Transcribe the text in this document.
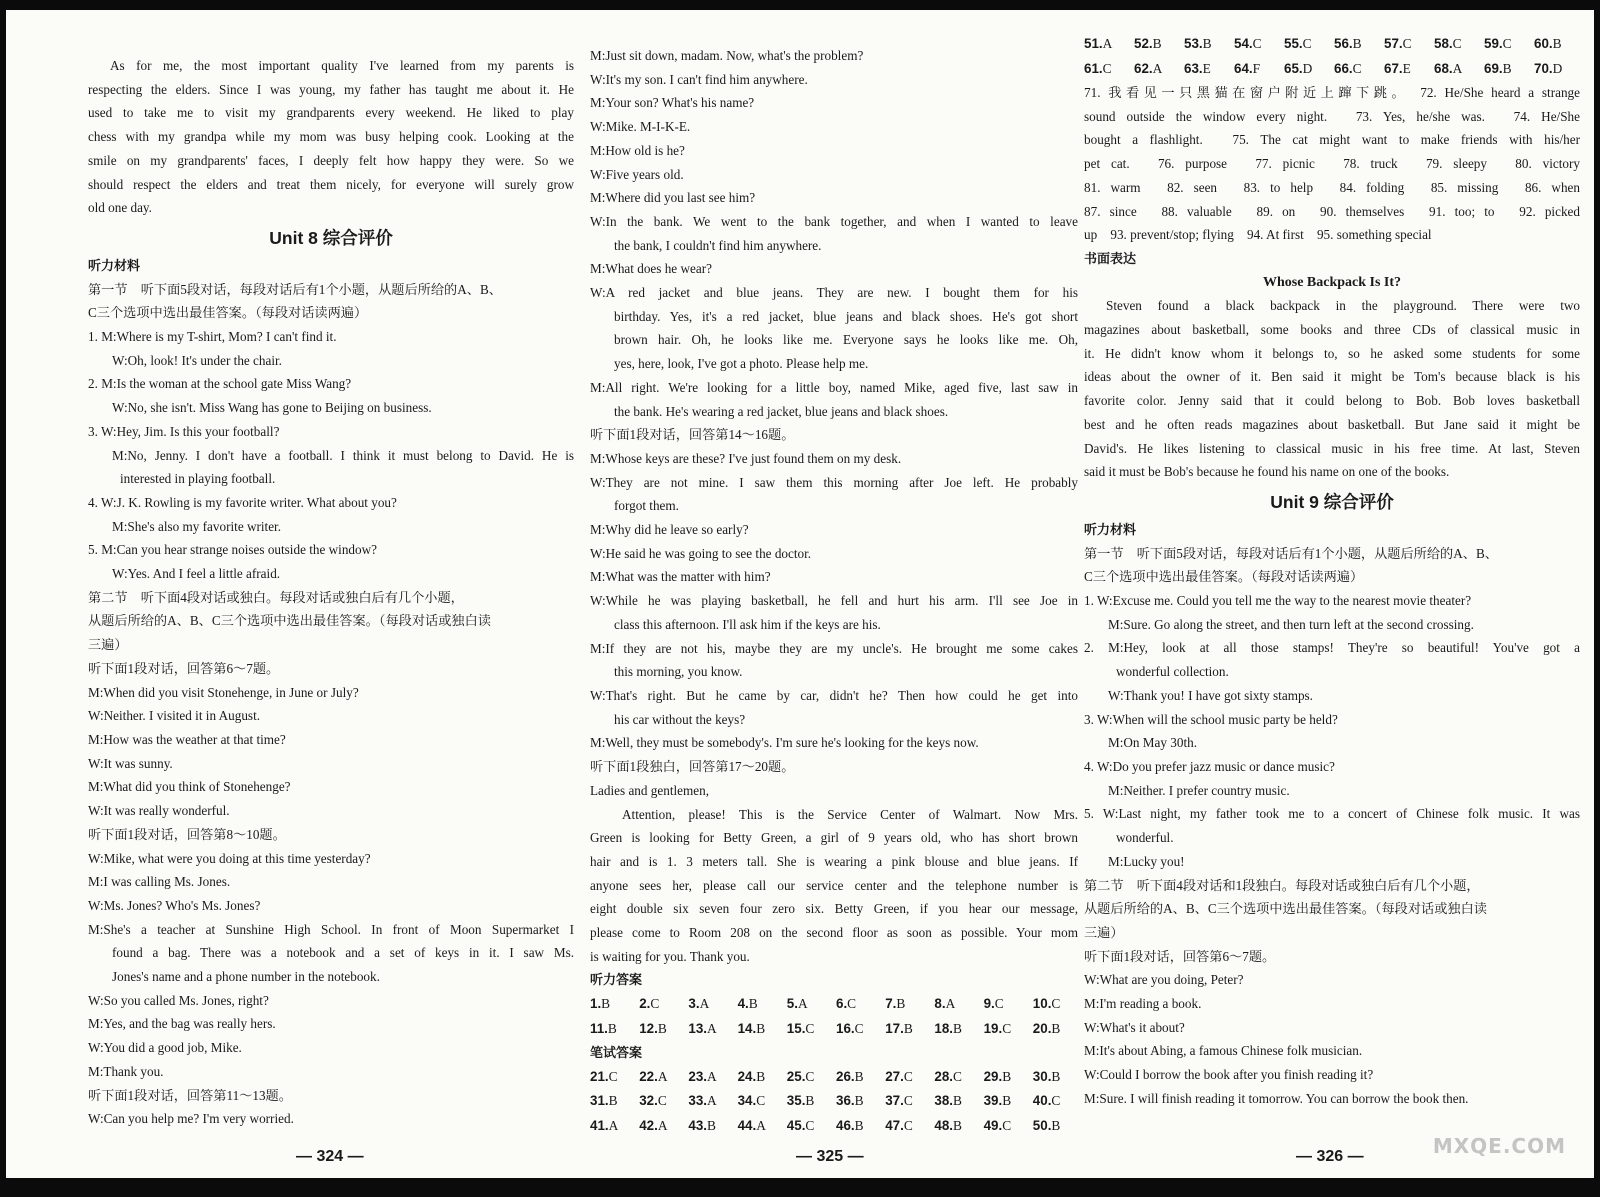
As for me, the most important quality I've learned from my parents is
respecting the elders. Since I was young, my father has taught me about it. He
used to take me to visit my grandparents every weekend. He liked to play
chess with my grandpa while my mom was busy helping cook. Looking at the
smile on my grandparents' faces, I deeply felt how happy they were. So we
should respect the elders and treat them nicely, for everyone will surely grow
old one day.
Unit 8 综合评价
听力材料
第一节　听下面5段对话，每段对话后有1个小题，从题后所给的A、B、
C三个选项中选出最佳答案。（每段对话读两遍）
1. M:Where is my T-shirt, Mom? I can't find it.
W:Oh, look! It's under the chair.
2. M:Is the woman at the school gate Miss Wang?
W:No, she isn't. Miss Wang has gone to Beijing on business.
3. W:Hey, Jim. Is this your football?
M:No, Jenny. I don't have a football. I think it must belong to David. He is
interested in playing football.
4. W:J. K. Rowling is my favorite writer. What about you?
M:She's also my favorite writer.
5. M:Can you hear strange noises outside the window?
W:Yes. And I feel a little afraid.
第二节　听下面4段对话或独白。每段对话或独白后有几个小题，
从题后所给的A、B、C三个选项中选出最佳答案。（每段对话或独白读
三遍）
听下面1段对话，回答第6～7题。
M:When did you visit Stonehenge, in June or July?
W:Neither. I visited it in August.
M:How was the weather at that time?
W:It was sunny.
M:What did you think of Stonehenge?
W:It was really wonderful.
听下面1段对话，回答第8～10题。
W:Mike, what were you doing at this time yesterday?
M:I was calling Ms. Jones.
W:Ms. Jones? Who's Ms. Jones?
M:She's a teacher at Sunshine High School. In front of Moon Supermarket I
found a bag. There was a notebook and a set of keys in it. I saw Ms.
Jones's name and a phone number in the notebook.
W:So you called Ms. Jones, right?
M:Yes, and the bag was really hers.
W:You did a good job, Mike.
M:Thank you.
听下面1段对话，回答第11～13题。
W:Can you help me? I'm very worried.
— 324 —
M:Just sit down, madam. Now, what's the problem?
W:It's my son. I can't find him anywhere.
M:Your son? What's his name?
W:Mike. M-I-K-E.
M:How old is he?
W:Five years old.
M:Where did you last see him?
W:In the bank. We went to the bank together, and when I wanted to leave
the bank, I couldn't find him anywhere.
M:What does he wear?
W:A red jacket and blue jeans. They are new. I bought them for his
birthday. Yes, it's a red jacket, blue jeans and black shoes. He's got short
brown hair. Oh, he looks like me. Everyone says he looks like me. Oh,
yes, here, look, I've got a photo. Please help me.
M:All right. We're looking for a little boy, named Mike, aged five, last saw in
the bank. He's wearing a red jacket, blue jeans and black shoes.
听下面1段对话，回答第14～16题。
M:Whose keys are these? I've just found them on my desk.
W:They are not mine. I saw them this morning after Joe left. He probably
forgot them.
M:Why did he leave so early?
W:He said he was going to see the doctor.
M:What was the matter with him?
W:While he was playing basketball, he fell and hurt his arm. I'll see Joe in
class this afternoon. I'll ask him if the keys are his.
M:If they are not his, maybe they are my uncle's. He brought me some cakes
this morning, you know.
W:That's right. But he came by car, didn't he? Then how could he get into
his car without the keys?
M:Well, they must be somebody's. I'm sure he's looking for the keys now.
听下面1段独白，回答第17～20题。
Ladies and gentlemen,
Attention, please! This is the Service Center of Walmart. Now Mrs.
Green is looking for Betty Green, a girl of 9 years old, who has short brown
hair and is 1. 3 meters tall. She is wearing a pink blouse and blue jeans. If
anyone sees her, please call our service center and the telephone number is
eight double six seven four zero six. Betty Green, if you hear our message,
please come to Room 208 on the second floor as soon as possible. Your mom
is waiting for you. Thank you.
听力答案
1.B	2.C	3.A	4.B	5.A	6.C	7.B	8.A	9.C	10.C
11.B	12.B	13.A	14.B	15.C	16.C	17.B	18.B	19.C	20.B
笔试答案
21.C	22.A	23.A	24.B	25.C	26.B	27.C	28.C	29.B	30.B
31.B	32.C	33.A	34.C	35.B	36.B	37.C	38.B	39.B	40.C
41.A	42.A	43.B	44.A	45.C	46.B	47.C	48.B	49.C	50.B
— 325 —
51.A	52.B	53.B	54.C	55.C	56.B	57.C	58.C	59.C	60.B
61.C	62.A	63.E	64.F	65.D	66.C	67.E	68.A	69.B	70.D
71. 我看见一只黑猫在窗户附近上蹿下跳。　72. He/She heard a strange
sound outside the window every night.　73. Yes, he/she was.　74. He/She
bought a flashlight.　75. The cat might want to make friends with his/her
pet cat.　76. purpose　77. picnic　78. truck　79. sleepy　80. victory
81. warm　82. seen　83. to help　84. folding　85. missing　86. when
87. since　88. valuable　89. on　90. themselves　91. too; to　92. picked
up　93. prevent/stop; flying　94. At first　95. something special
书面表达
Whose Backpack Is It?
Steven found a black backpack in the playground. There were two
magazines about basketball, some books and three CDs of classical music in
it. He didn't know whom it belongs to, so he asked some students for some
ideas about the owner of it. Ben said it might be Tom's because black is his
favorite color. Jenny said that it could belong to Bob. Bob loves basketball
best and he often reads magazines about basketball. But Jane said it might be
David's. He likes listening to classical music in his free time. At last, Steven
said it must be Bob's because he found his name on one of the books.
Unit 9 综合评价
听力材料
第一节　听下面5段对话，每段对话后有1个小题，从题后所给的A、B、
C三个选项中选出最佳答案。（每段对话读两遍）
1. W:Excuse me. Could you tell me the way to the nearest movie theater?
M:Sure. Go along the street, and then turn left at the second crossing.
2. M:Hey, look at all those stamps! They're so beautiful! You've got a
wonderful collection.
W:Thank you! I have got sixty stamps.
3. W:When will the school music party be held?
M:On May 30th.
4. W:Do you prefer jazz music or dance music?
M:Neither. I prefer country music.
5. W:Last night, my father took me to a concert of Chinese folk music. It was
wonderful.
M:Lucky you!
第二节　听下面4段对话和1段独白。每段对话或独白后有几个小题，
从题后所给的A、B、C三个选项中选出最佳答案。（每段对话或独白读
三遍）
听下面1段对话，回答第6～7题。
W:What are you doing, Peter?
M:I'm reading a book.
W:What's it about?
M:It's about Abing, a famous Chinese folk musician.
W:Could I borrow the book after you finish reading it?
M:Sure. I will finish reading it tomorrow. You can borrow the book then.
— 326 —	MXQE.COM
